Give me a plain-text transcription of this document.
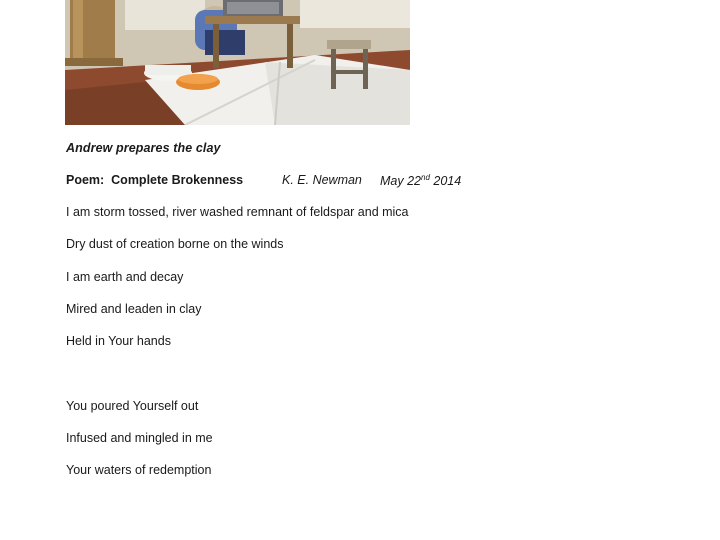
Andrew prepares the clay
Poem: Complete Brokenness	K. E. Newman May 22nd 2014
I am storm tossed, river washed remnant of feldspar and mica
Dry dust of creation borne on the winds
I am earth and decay
Mired and leaden in clay
Held in Your hands
You poured Yourself out
Infused and mingled in me
Your waters of redemption
